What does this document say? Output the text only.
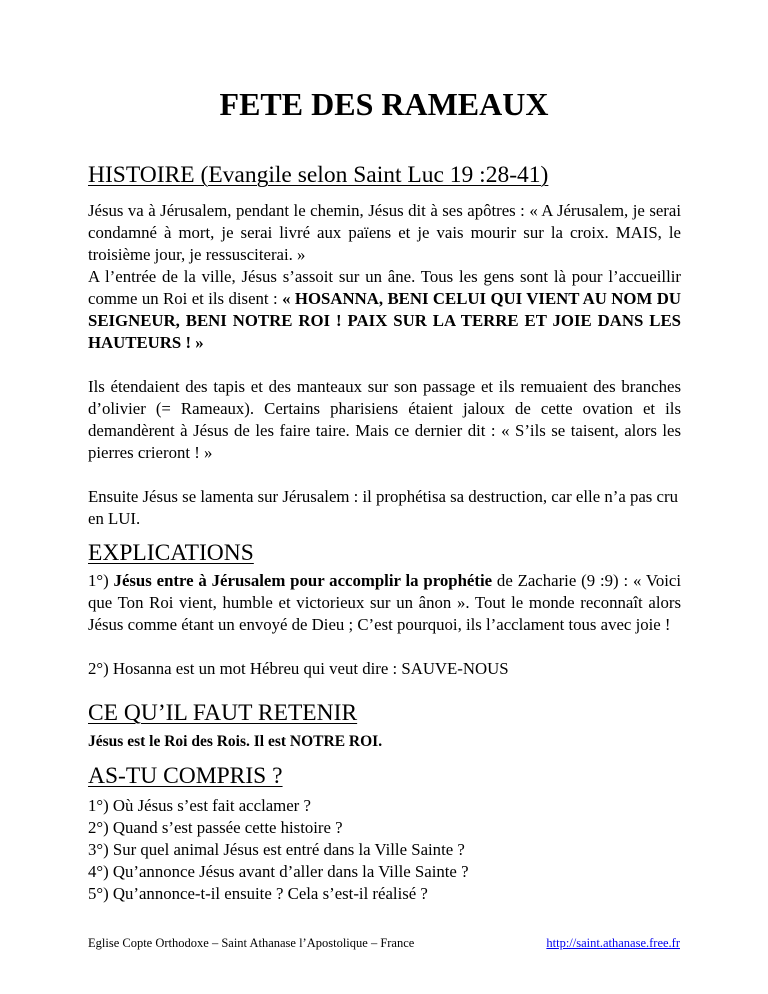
FETE DES RAMEAUX
HISTOIRE (Evangile selon Saint Luc 19 :28-41)

Jésus va à Jérusalem, pendant le chemin, Jésus dit à ses apôtres : « A Jérusalem, je serai condamné à mort, je serai livré aux païens et je vais mourir sur la croix. MAIS, le troisième jour, je ressusciterai. »

A l’entrée de la ville, Jésus s’assoit sur un âne. Tous les gens sont là pour l’accueillir comme un Roi et ils disent : « HOSANNA, BENI CELUI QUI VIENT AU NOM DU SEIGNEUR, BENI NOTRE ROI ! PAIX SUR LA TERRE ET JOIE DANS LES HAUTEURS ! »

Ils étendaient des tapis et des manteaux sur son passage et ils remuaient des branches d’olivier (= Rameaux). Certains pharisiens étaient jaloux de cette ovation et ils demandèrent à Jésus de les faire taire. Mais ce dernier dit : « S’ils se taisent, alors les pierres crieront ! »

Ensuite Jésus se lamenta sur Jérusalem : il prophétisa sa destruction, car elle n’a pas cru en LUI.

EXPLICATIONS

1°) Jésus entre à Jérusalem pour accomplir la prophétie de Zacharie (9 :9) : « Voici que Ton Roi vient, humble et victorieux sur un ânon ». Tout le monde reconnaît alors Jésus comme étant un envoyé de Dieu ; C’est pourquoi, ils l’acclament tous avec joie !

2°) Hosanna est un mot Hébreu qui veut dire : SAUVE-NOUS

CE QU’IL FAUT RETENIR

Jésus est le Roi des Rois. Il est NOTRE ROI.

AS-TU COMPRIS ?

1°) Où Jésus s’est fait acclamer ?

2°) Quand s’est passée cette histoire ?

3°) Sur quel animal Jésus est entré dans la Ville Sainte ?

4°) Qu’annonce Jésus avant d’aller dans la Ville Sainte ?

5°) Qu’annonce-t-il ensuite ? Cela s’est-il réalisé ?

Eglise Copte Orthodoxe – Saint Athanase l’Apostolique – France	http://saint.athanase.free.fr
